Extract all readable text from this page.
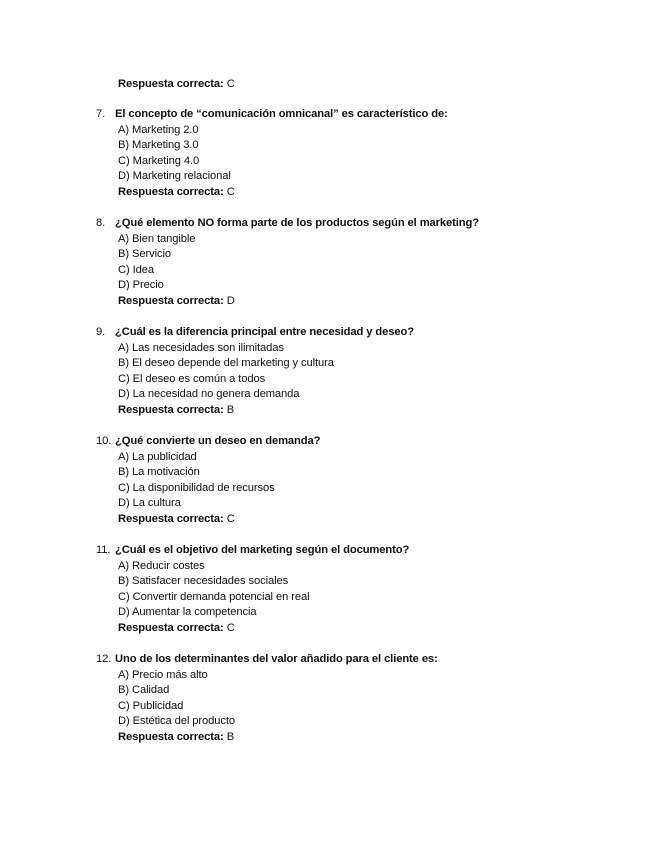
Respuesta correcta: C
7. El concepto de “comunicación omnicanal” es característico de:
A) Marketing 2.0
B) Marketing 3.0
C) Marketing 4.0
D) Marketing relacional
Respuesta correcta: C
8. ¿Qué elemento NO forma parte de los productos según el marketing?
A) Bien tangible
B) Servicio
C) Idea
D) Precio
Respuesta correcta: D
9. ¿Cuál es la diferencia principal entre necesidad y deseo?
A) Las necesidades son ilimitadas
B) El deseo depende del marketing y cultura
C) El deseo es común a todos
D) La necesidad no genera demanda
Respuesta correcta: B
10. ¿Qué convierte un deseo en demanda?
A) La publicidad
B) La motivación
C) La disponibilidad de recursos
D) La cultura
Respuesta correcta: C
11. ¿Cuál es el objetivo del marketing según el documento?
A) Reducir costes
B) Satisfacer necesidades sociales
C) Convertir demanda potencial en real
D) Aumentar la competencia
Respuesta correcta: C
12. Uno de los determinantes del valor añadido para el cliente es:
A) Precio más alto
B) Calidad
C) Publicidad
D) Estética del producto
Respuesta correcta: B
